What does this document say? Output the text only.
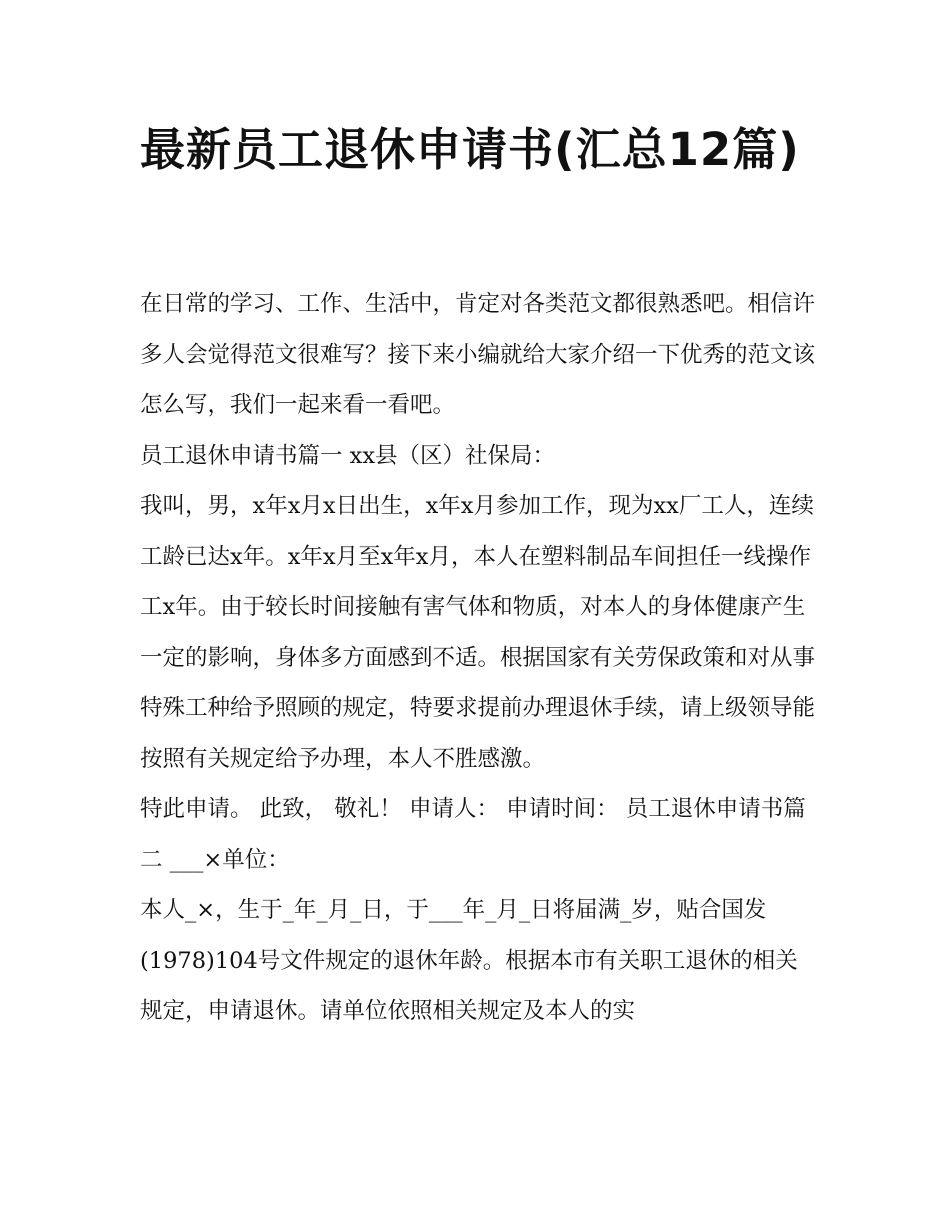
最新员工退休申请书(汇总12篇)

在日常的学习、工作、生活中，肯定对各类范文都很熟悉吧。相信许多人会觉得范文很难写？接下来小编就给大家介绍一下优秀的范文该怎么写，我们一起来看一看吧。

员工退休申请书篇一 xx县（区）社保局：

我叫，男，x年x月x日出生，x年x月参加工作，现为xx厂工人，连续工龄已达x年。x年x月至x年x月，本人在塑料制品车间担任一线操作工x年。由于较长时间接触有害气体和物质，对本人的身体健康产生一定的影响，身体多方面感到不适。根据国家有关劳保政策和对从事特殊工种给予照顾的规定，特要求提前办理退休手续，请上级领导能按照有关规定给予办理，本人不胜感激。

特此申请。 此致， 敬礼！ 申请人： 申请时间： 员工退休申请书篇二 ___×单位：

本人_×，生于_年_月_日，于___年_月_日将届满_岁，贴合国发(1978)104号文件规定的退休年龄。根据本市有关职工退休的相关规定，申请退休。请单位依照相关规定及本人的实
